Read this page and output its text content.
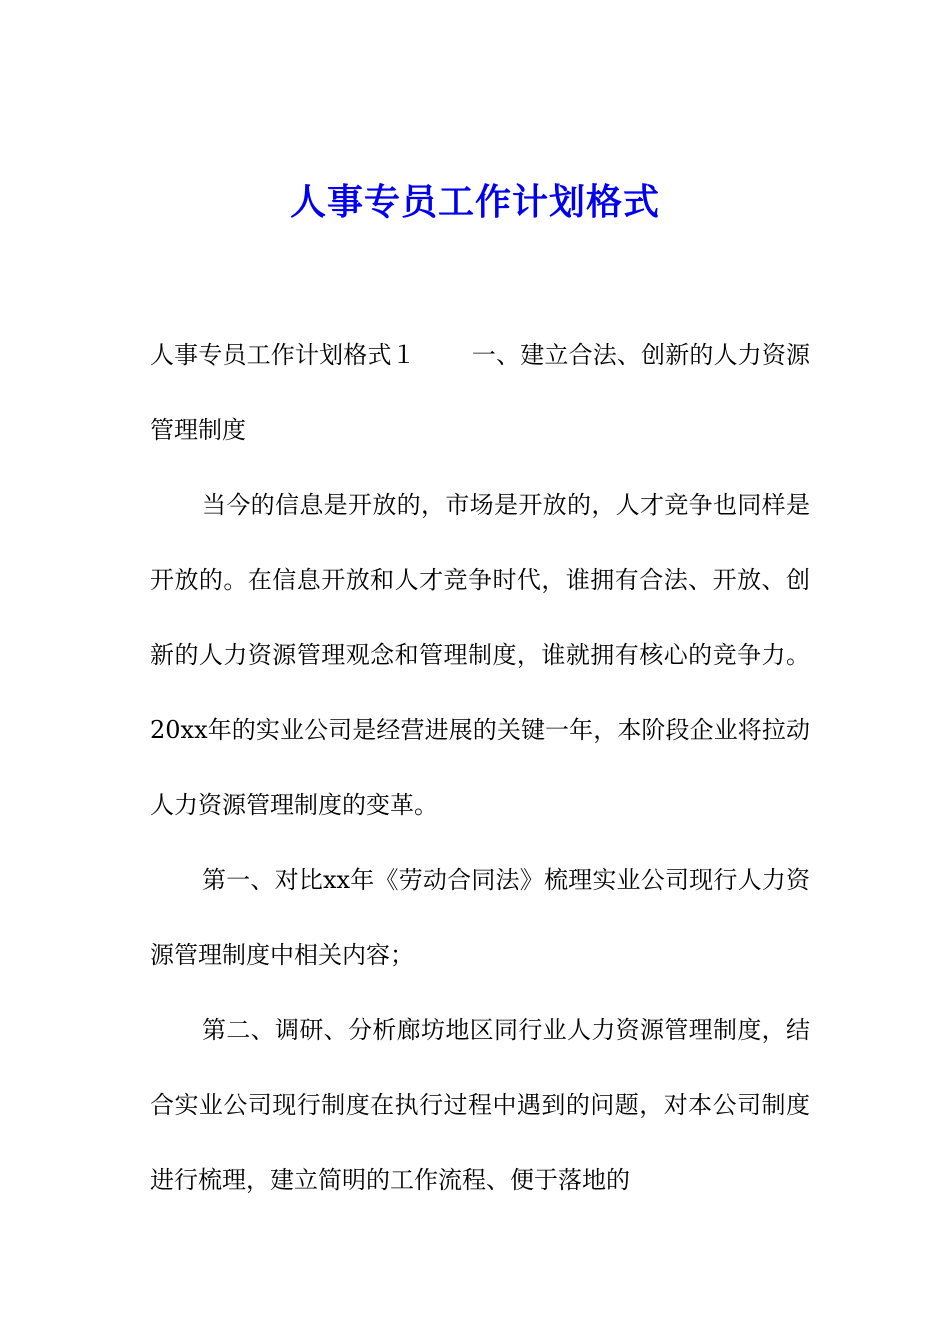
人事专员工作计划格式

人事专员工作计划格式１ 一、建立合法、创新的人力资源管理制度

当今的信息是开放的，市场是开放的，人才竞争也同样是开放的。在信息开放和人才竞争时代，谁拥有合法、开放、创新的人力资源管理观念和管理制度，谁就拥有核心的竞争力。20xx年的实业公司是经营进展的关键一年，本阶段企业将拉动人力资源管理制度的变革。

第一、对比xx年《劳动合同法》梳理实业公司现行人力资源管理制度中相关内容；

第二、调研、分析廊坊地区同行业人力资源管理制度，结合实业公司现行制度在执行过程中遇到的问题，对本公司制度进行梳理，建立简明的工作流程、便于落地的
